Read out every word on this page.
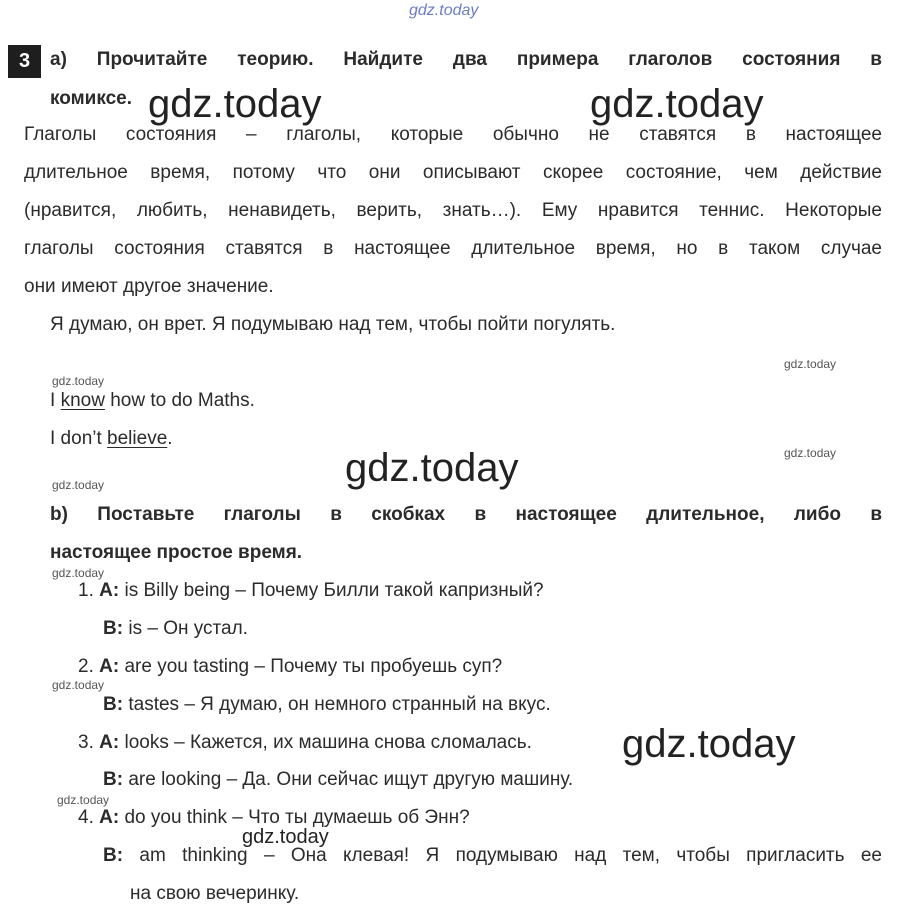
gdz.today
3	a) Прочитайте теорию. Найдите два примера глаголов состояния в
комиксе.
Глаголы состояния – глаголы, которые обычно не ставятся в настоящее
длительное время, потому что они описывают скорее состояние, чем действие
(нравится, любить, ненавидеть, верить, знать…). Ему нравится теннис. Некоторые
глаголы состояния ставятся в настоящее длительное время, но в таком случае
они имеют другое значение.
Я думаю, он врет. Я подумываю над тем, чтобы пойти погулять.
I know how to do Maths.
I don’t believe.
b) Поставьте глаголы в скобках в настоящее длительное, либо в
настоящее простое время.
1. A: is Billy being – Почему Билли такой капризный?
B: is – Он устал.
2. A: are you tasting – Почему ты пробуешь суп?
B: tastes – Я думаю, он немного странный на вкус.
3. A: looks – Кажется, их машина снова сломалась.
B: are looking – Да. Они сейчас ищут другую машину.
4. A: do you think – Что ты думаешь об Энн?
B: am thinking – Она клевая! Я подумываю над тем, чтобы пригласить ее
на свою вечеринку.
gdz.today	gdz.today
gdz.today
gdz.today
gdz.today
gdz.today
gdz.today
gdz.today
gdz.today
gdz.today
gdz.today
gdz.today
